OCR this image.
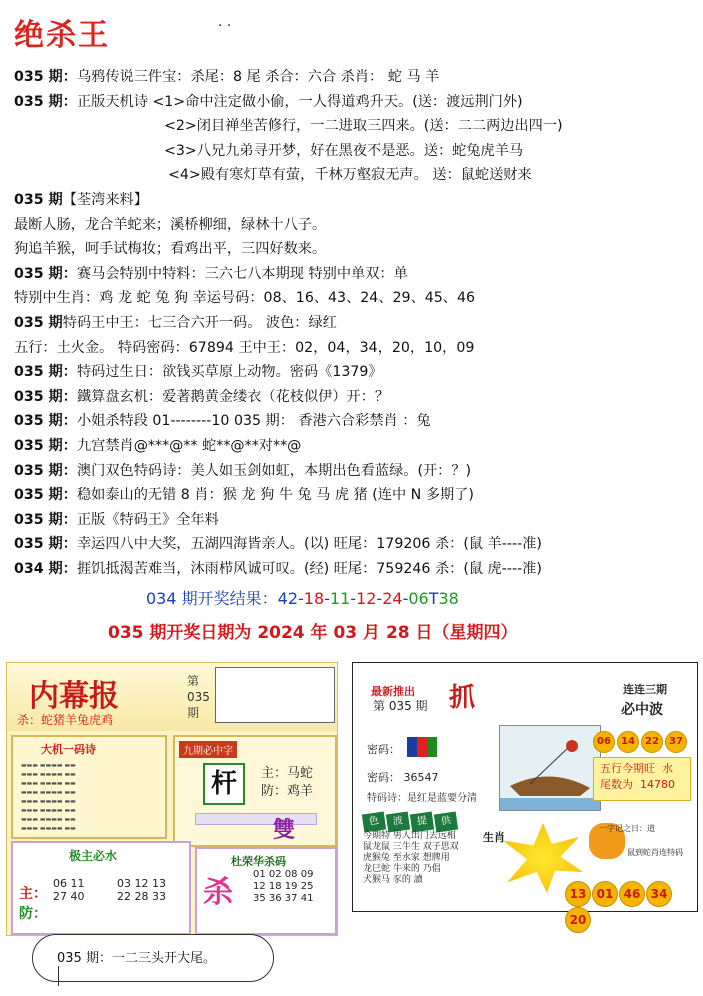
绝杀王	· ·
035 期：乌鸦传说三件宝：杀尾：8 尾 杀合：六合 杀肖： 蛇 马 羊
035 期：正版天机诗 <1>命中注定做小偷，一人得道鸡升天。(送：渡远荆门外)
<2>闭目禅坐苦修行，一二进取三四来。(送：二二两边出四一)
<3>八兄九弟寻开梦，好在黑夜不是恶。送：蛇兔虎羊马
<4>殿有寒灯草有萤，千林万壑寂无声。 送：鼠蛇送财来
035 期【荃湾来料】
最断人肠，龙合羊蛇来；溪桥柳细，绿林十八子。
狗追羊猴，呵手试梅妆；看鸡出平，三四好数来。
035 期：赛马会特别中特料：三六七八本期现 特别中单双：单
特别中生肖：鸡 龙 蛇 兔 狗 幸运号码：08、16、43、24、29、45、46
035 期特码王中王：七三合六开一码。 波色：绿红
五行：土火金。 特码密码：67894 王中王：02，04，34，20，10，09
035 期：特码过生日：欲钱买草原上动物。密码《1379》
035 期：鐵算盘玄机：爱著鹅黄金缕衣（花枝似伊）开：？
035 期：小姐杀特段 01--------10 035 期： 香港六合彩禁肖 ：兔
035 期：九宫禁肖@***@** 蛇**@**对**@
035 期：澳门双色特码诗：美人如玉剑如虹，本期出色看蓝绿。(开：？)
035 期：稳如泰山的无错 8 肖：猴 龙 狗 牛 兔 马 虎 猪 (连中 N 多期了)
035 期：正版《特码王》全年料
035 期：幸运四八中大奖，五湖四海皆亲人。(以) 旺尾：179206 杀：(鼠 羊----准)
034 期：捱饥抵渴苦难当，沐雨栉风诚可叹。(经) 旺尾：759246 杀：(鼠 虎----准)
034 期开奖结果：42-18-11-12-24-06T38
035 期开奖日期为 2024 年 03 月 28 日（星期四）
内幕报
杀：蛇猪羊兔虎鸡
第 035 期
大机一码诗
▬▬▬ ▬▬▬▬ ▬▬
▬▬▬ ▬▬▬▬ ▬▬
▬▬▬ ▬▬▬▬ ▬▬
▬▬▬ ▬▬▬▬ ▬▬
▬▬▬ ▬▬▬▬ ▬▬
▬▬▬ ▬▬▬▬ ▬▬
▬▬▬ ▬▬▬▬ ▬▬
▬▬▬ ▬▬▬▬ ▬▬
九期必中字
杆	主：马蛇
防：鸡羊
雙
极主必水
主：
防：
06 11
27 40
03 12 13
22 28 33
杜荣华杀码
杀
01 02 08 09
12 18 19 25
35 36 37 41
最新推出
第 035 期 抓	连连三期
必中波
密码：
密码： 36547
特码诗：是红是蓝要分清
06 14 22 37
五行今期旺  水
尾数为  14780
色 波 提 供
今期特 男人出门去远相
鼠龙鼠 三牛生 双子思双
虎猴兔 至水家 想牌用
龙巳蛇 牛来的 乃倡
犬猴马 豕的 讀
生肖
一字记之日：道
鼠到蛇肖连特码
13 01 46 3420
035 期：一二三头开大尾。
